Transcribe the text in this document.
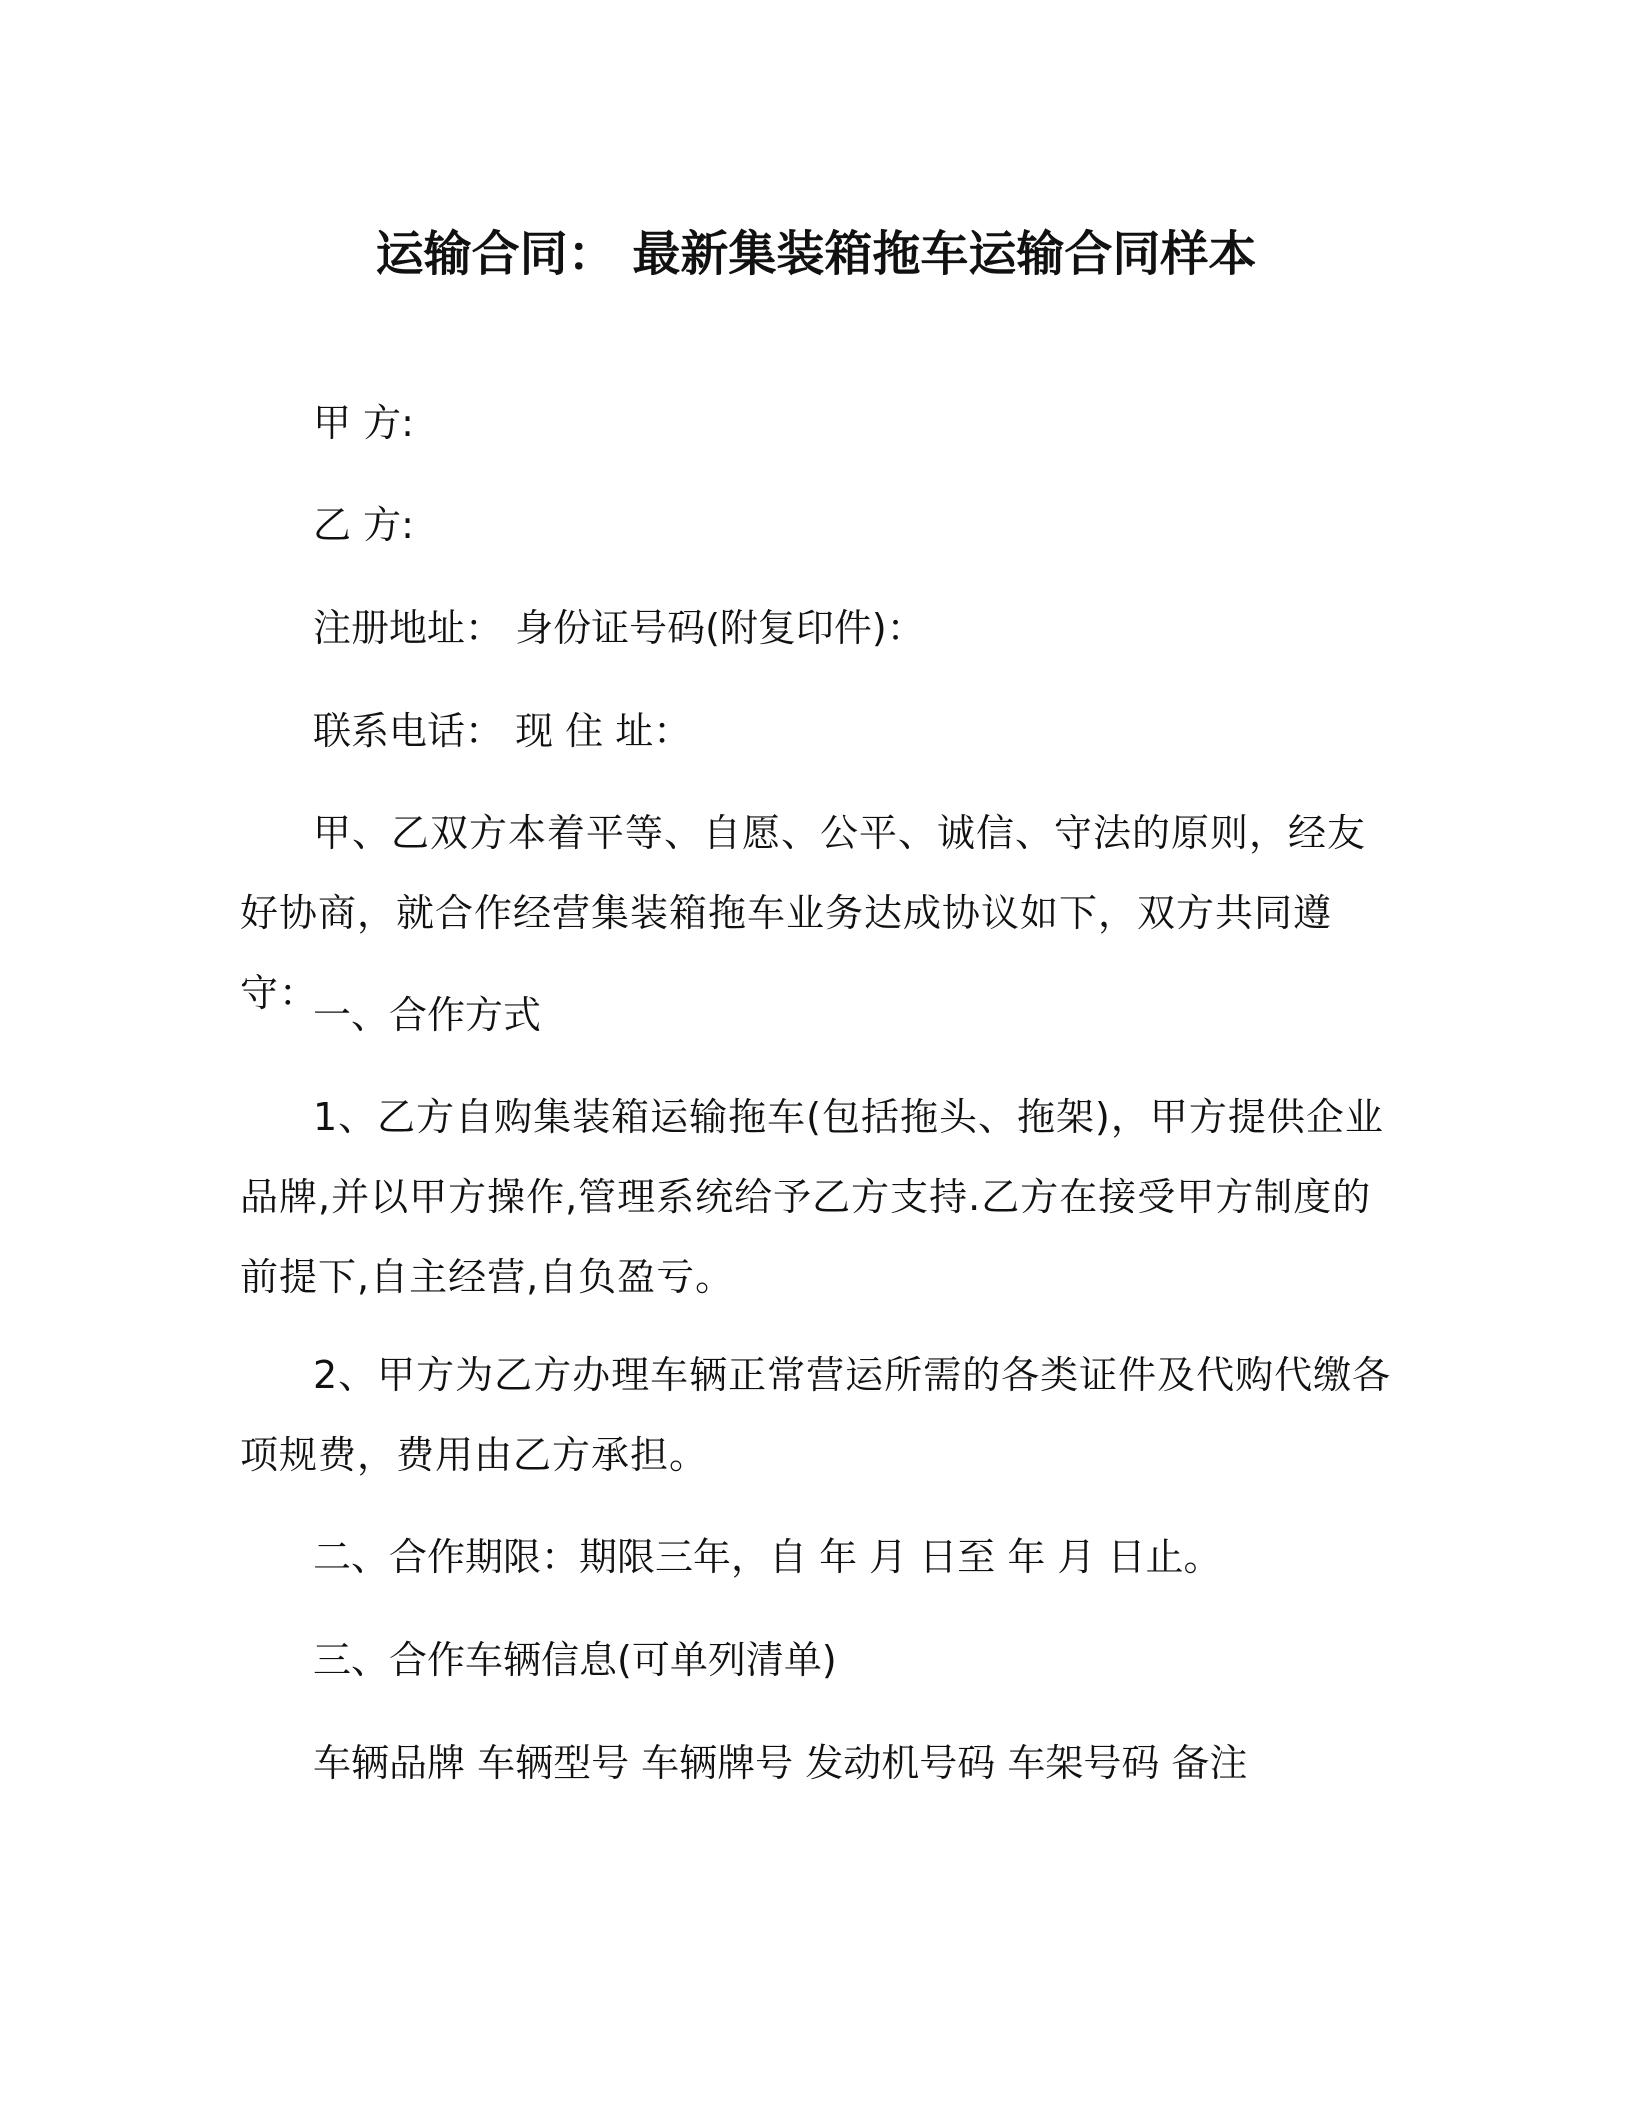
运输合同： 最新集装箱拖车运输合同样本
甲 方:
乙 方:
注册地址： 身份证号码(附复印件)：
联系电话： 现 住 址：
甲、乙双方本着平等、自愿、公平、诚信、守法的原则，经友好协商，就合作经营集装箱拖车业务达成协议如下，双方共同遵守：
一、合作方式
1、乙方自购集装箱运输拖车(包括拖头、拖架)，甲方提供企业品牌,并以甲方操作,管理系统给予乙方支持.乙方在接受甲方制度的前提下,自主经营,自负盈亏。
2、甲方为乙方办理车辆正常营运所需的各类证件及代购代缴各项规费，费用由乙方承担。
二、合作期限：期限三年，自 年 月 日至 年 月 日止。
三、合作车辆信息(可单列清单)
车辆品牌 车辆型号 车辆牌号 发动机号码 车架号码 备注
